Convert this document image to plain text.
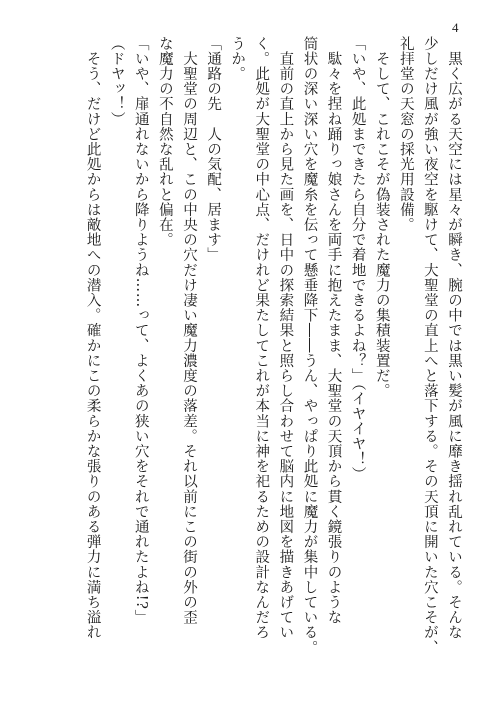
4

　黒く広がる天空には星々が瞬き、腕の中では黒い髪が風に靡き揺れ乱れている。そんな

少しだけ風が強い夜空を駆けて、大聖堂の直上へと落下する。その天頂に開いた穴こそが、

礼拝堂の天窓の採光用設備。

　そして、これこそが偽装された魔力の集積装置だ。

「いや、此処まできたら自分で着地できるよね？」（イヤイヤ！）

　駄々を捏ね踊りっ娘さんを両手に抱えたまま、大聖堂の天頂から貫く鏡張りのような

筒状の深い深い穴を魔糸を伝って懸垂降下――うん、やっぱり此処に魔力が集中している。

　直前の直上から見た画を、日中の探索結果と照らし合わせて脳内に地図を描きあげてい

く。此処が大聖堂の中心点、だけれど果たしてこれが本当に神を祀るための設計なんだろ

うか。

「通路の先　人の気配、居ます」

　大聖堂の周辺と、この中央の穴だけ凄い魔力濃度の落差。それ以前にこの街の外の歪

な魔力の不自然な乱れと偏在。

「いや、扉通れないから降りようね……って、よくあの狭い穴をそれで通れたよね!?」

（ドヤッ！）

　そう、だけど此処からは敵地への潜入。確かにこの柔らかな張りのある弾力に満ち溢れ
